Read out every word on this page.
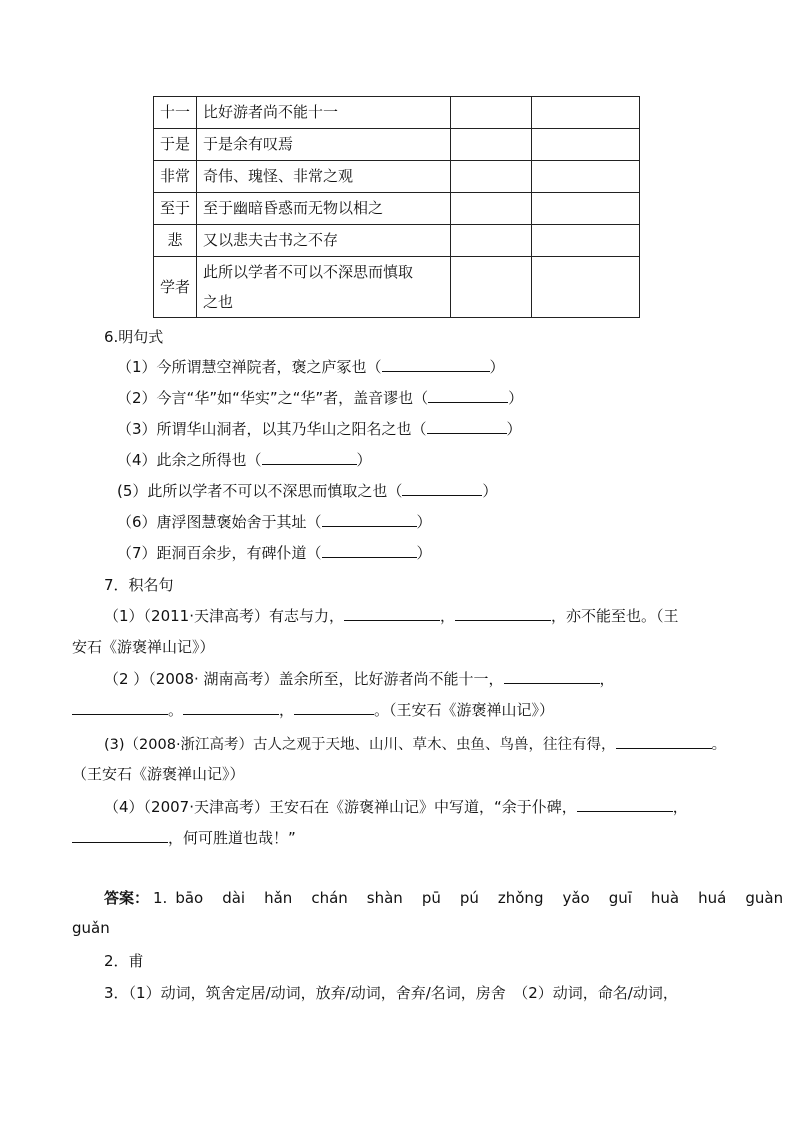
十一	比好游者尚不能十一		
于是	于是余有叹焉		
非常	奇伟、瑰怪、非常之观		
至于	至于幽暗昏惑而无物以相之		
悲	又以悲夫古书之不存		
学者	此所以学者不可以不深思而慎取
之也		

6.明句式
（1）今所谓慧空禅院者，褒之庐冢也（	）
（2）今言“华”如“华实”之“华”者，盖音谬也（	）
（3）所谓华山洞者，以其乃华山之阳名之也（	）
（4）此余之所得也（	）
(5）此所以学者不可以不深思而慎取之也（	）
（6）唐浮图慧褒始舍于其址（	）
（7）距洞百余步，有碑仆道（	）
7．积名句
（1）（2011·天津高考）有志与力，	，	，亦不能至也。（王
安石《游褒禅山记》）
（2 ）（2008· 湖南高考）盖余所至，比好游者尚不能十一，	，
。	，	。（王安石《游褒禅山记》）
(3)（2008·浙江高考）古人之观于天地、山川、草木、虫鱼、鸟兽，往往有得，	。
（王安石《游褒禅山记》）
（4）（2007·天津高考）王安石在《游褒禅山记》中写道，“余于仆碑，	，
，何可胜道也哉！”
答案： 1. bāo dài hǎn chán shàn pū pú zhǒng yǎo guī huà huá guàn
guǎn
2．甫
3．（1）动词，筑舍定居/动词，放弃/动词，舍弃/名词，房舍　（2）动词，命名/动词，
